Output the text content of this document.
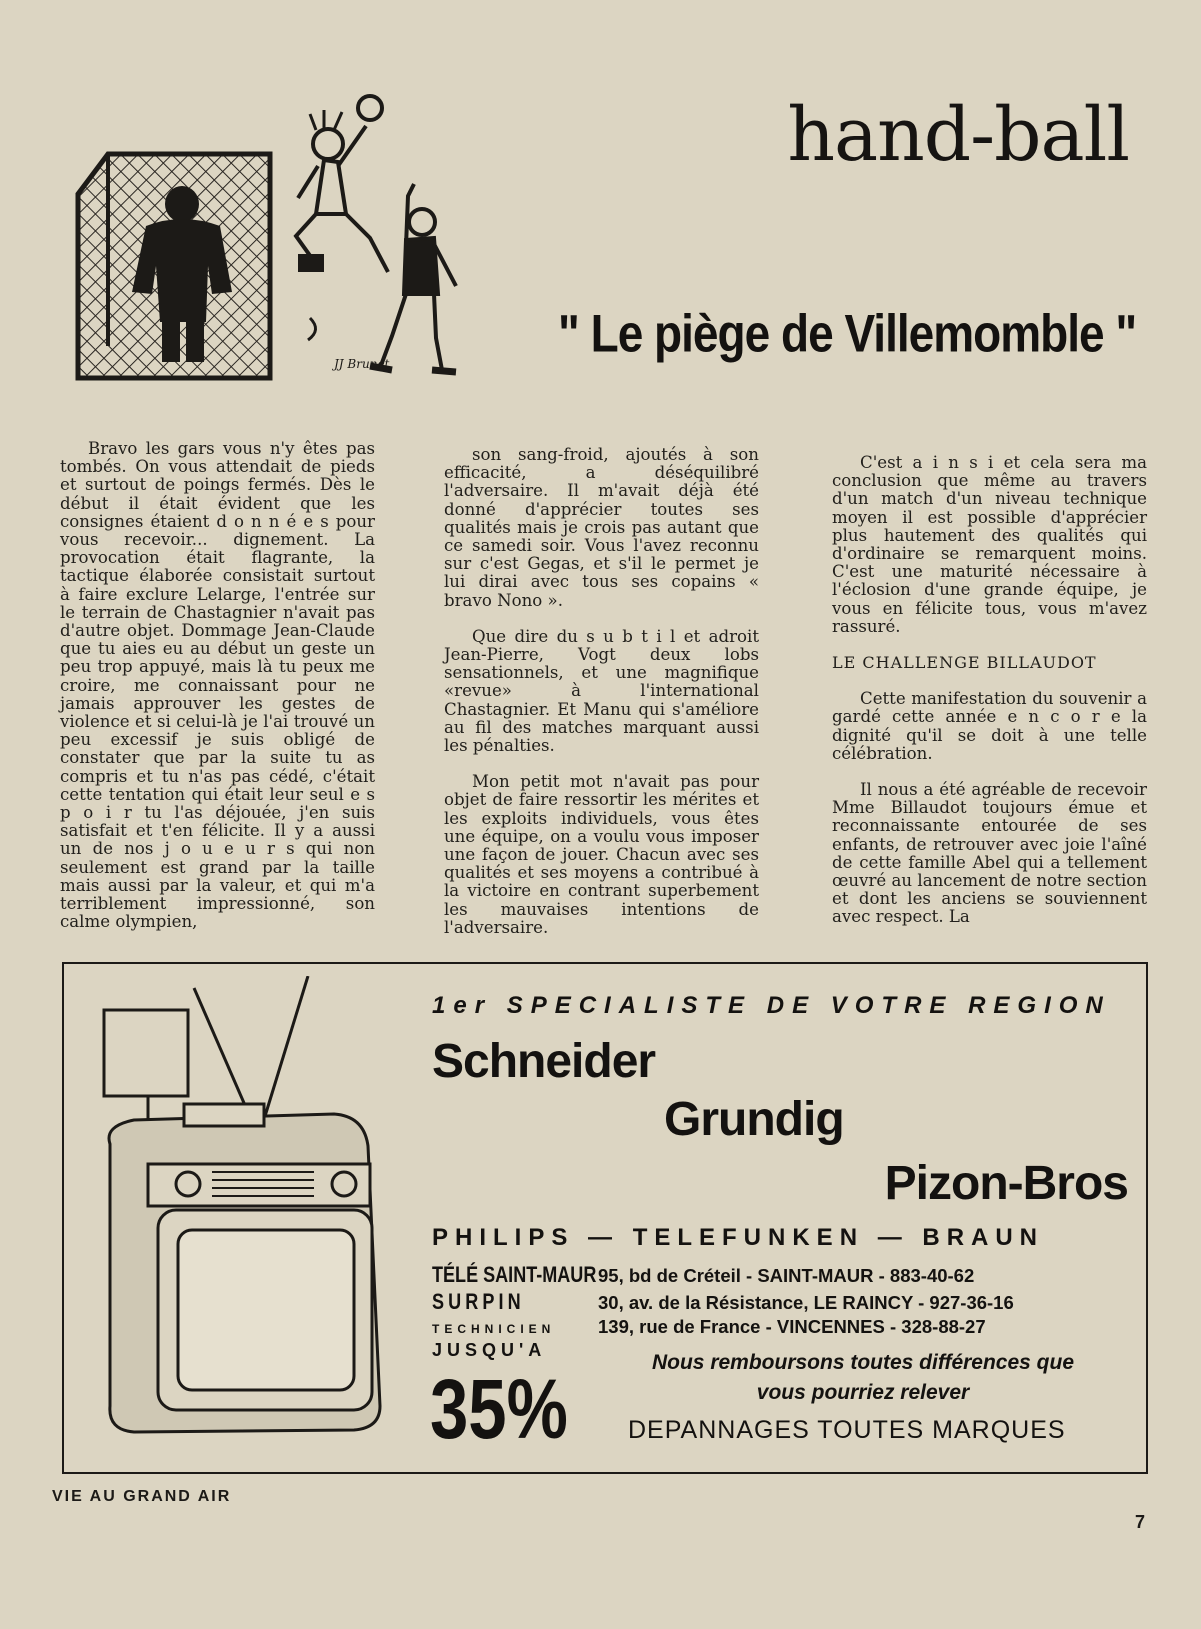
JJ Brunet
hand-ball
" Le piège de Villemomble "

Bravo les gars vous n'y êtes pas tombés. On vous attendait de pieds et surtout de poings fermés. Dès le début il était évident que les consignes étaient d o n n é e s pour vous recevoir... dignement. La provocation était flagrante, la tactique élaborée consistait surtout à faire exclure Lelarge, l'entrée sur le terrain de Chastagnier n'avait pas d'autre objet. Dommage Jean-Claude que tu aies eu au début un geste un peu trop appuyé, mais là tu peux me croire, me connaissant pour ne jamais approuver les gestes de violence et si celui-là je l'ai trouvé un peu excessif je suis obligé de constater que par la suite tu as compris et tu n'as pas cédé, c'était cette tentation qui était leur seul e s p o i r tu l'as déjouée, j'en suis satisfait et t'en félicite. Il y a aussi un de nos j o u e u r s qui non seulement est grand par la taille mais aussi par la valeur, et qui m'a terriblement impressionné, son calme olympien,

son sang-froid, ajoutés à son efficacité, a déséquilibré l'adversaire. Il m'avait déjà été donné d'apprécier toutes ses qualités mais je crois pas autant que ce samedi soir. Vous l'avez reconnu sur c'est Gegas, et s'il le permet je lui dirai avec tous ses copains « bravo Nono ».

Que dire du s u b t i l et adroit Jean-Pierre, Vogt deux lobs sensationnels, et une magnifique «revue» à l'international Chastagnier. Et Manu qui s'améliore au fil des matches marquant aussi les pénalties.

Mon petit mot n'avait pas pour objet de faire ressortir les mérites et les exploits individuels, vous êtes une équipe, on a voulu vous imposer une façon de jouer. Chacun avec ses qualités et ses moyens a contribué à la victoire en contrant superbement les mauvaises intentions de l'adversaire.

C'est a i n s i et cela sera ma conclusion que même au travers d'un match d'un niveau technique moyen il est possible d'apprécier plus hautement des qualités qui d'ordinaire se remarquent moins. C'est une maturité nécessaire à l'éclosion d'une grande équipe, je vous en félicite tous, vous m'avez rassuré.

LE CHALLENGE BILLAUDOT

Cette manifestation du souvenir a gardé cette année e n c o r e la dignité qu'il se doit à une telle célébration.

Il nous a été agréable de recevoir Mme Billaudot toujours émue et reconnaissante entourée de ses enfants, de retrouver avec joie l'aîné de cette famille Abel qui a tellement œuvré au lancement de notre section et dont les anciens se souviennent avec respect. La

1er SPECIALISTE DE VOTRE REGION
Schneider
Grundig
Pizon-Bros
PHILIPS — TELEFUNKEN — BRAUN
TÉLÉ SAINT-MAUR 95, bd de Créteil - SAINT-MAUR - 883-40-62
SURPIN	30, av. de la Résistance, LE RAINCY - 927-36-16
TECHNICIEN	139, rue de France - VINCENNES - 328-88-27
JUSQU'A
35%	Nous remboursons toutes différences que vous pourriez relever
DEPANNAGES TOUTES MARQUES
VIE AU GRAND AIR
7
